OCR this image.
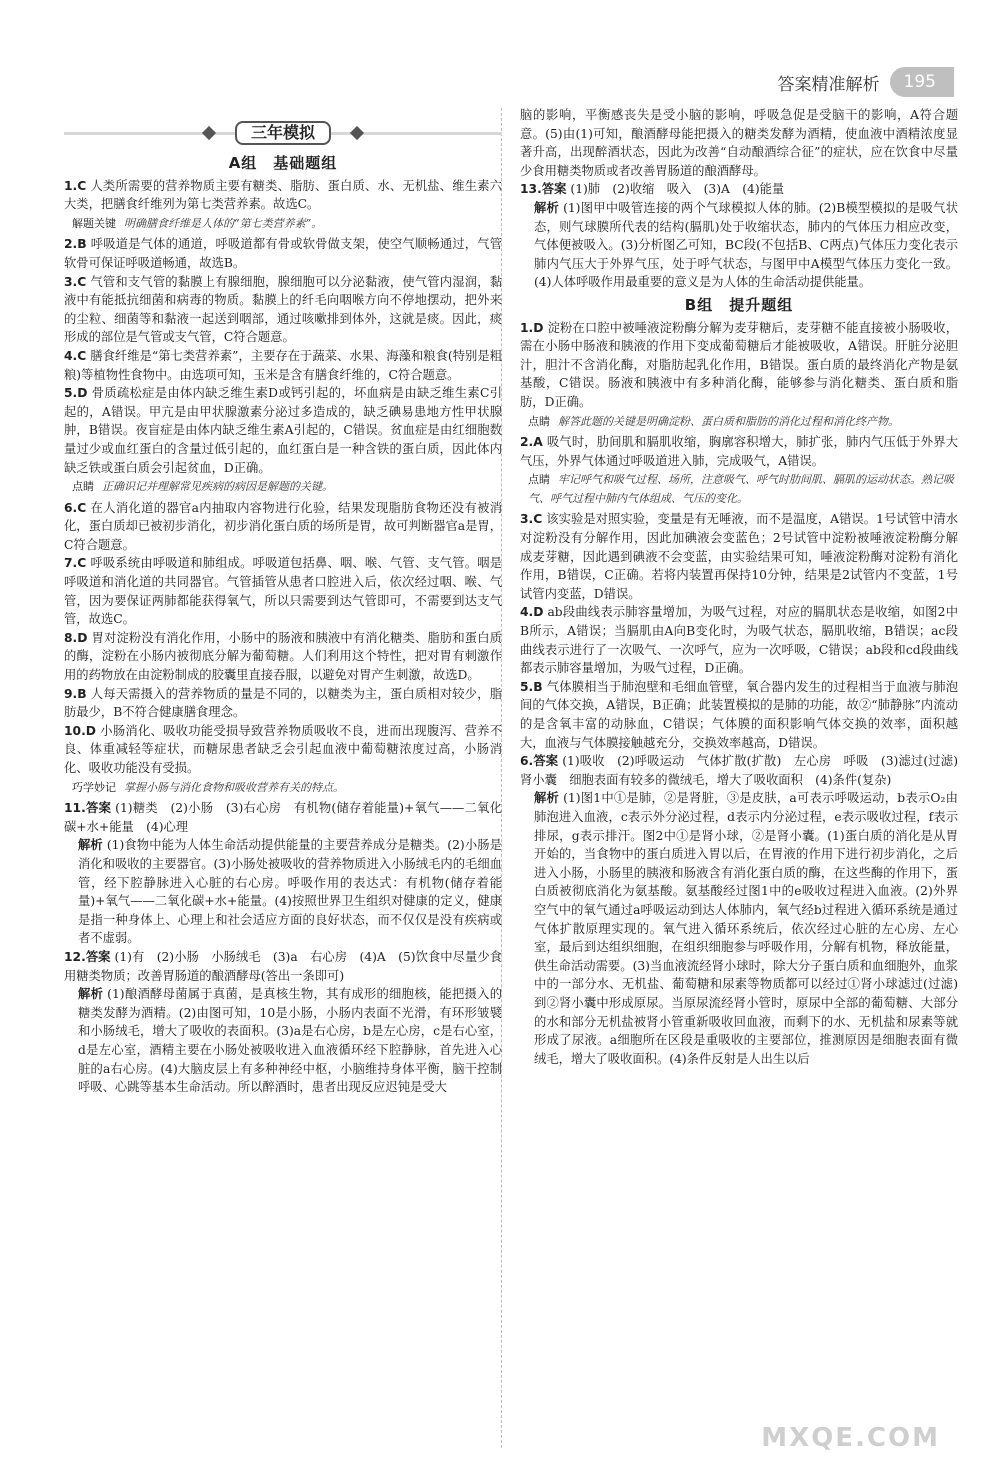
答案精准解析	195
三年模拟
A组　基础题组
1.C 人类所需要的营养物质主要有糖类、脂肪、蛋白质、水、无机盐、维生素六大类，把膳食纤维列为第七类营养素。故选C。
解题关键 明确膳食纤维是人体的“第七类营养素”。
2.B 呼吸道是气体的通道，呼吸道都有骨或软骨做支架，使空气顺畅通过，气管软骨可保证呼吸道畅通，故选B。
3.C 气管和支气管的黏膜上有腺细胞，腺细胞可以分泌黏液，使气管内湿润，黏液中有能抵抗细菌和病毒的物质。黏膜上的纤毛向咽喉方向不停地摆动，把外来的尘粒、细菌等和黏液一起送到咽部，通过咳嗽排到体外，这就是痰。因此，痰形成的部位是气管或支气管，C符合题意。
4.C 膳食纤维是“第七类营养素”，主要存在于蔬菜、水果、海藻和粮食(特别是粗粮)等植物性食物中。由选项可知，玉米是含有膳食纤维的，C符合题意。
5.D 骨质疏松症是由体内缺乏维生素D或钙引起的，坏血病是由缺乏维生素C引起的，A错误。甲亢是由甲状腺激素分泌过多造成的，缺乏碘易患地方性甲状腺肿，B错误。夜盲症是由体内缺乏维生素A引起的，C错误。贫血症是由红细胞数量过少或血红蛋白的含量过低引起的，血红蛋白是一种含铁的蛋白质，因此体内缺乏铁或蛋白质会引起贫血，D正确。
点睛 正确识记并理解常见疾病的病因是解题的关键。
6.C 在人消化道的器官a内抽取内容物进行化验，结果发现脂肪食物还没有被消化，蛋白质却已被初步消化，初步消化蛋白质的场所是胃，故可判断器官a是胃，C符合题意。
7.C 呼吸系统由呼吸道和肺组成。呼吸道包括鼻、咽、喉、气管、支气管。咽是呼吸道和消化道的共同器官。气管插管从患者口腔进入后，依次经过咽、喉、气管，因为要保证两肺都能获得氧气，所以只需要到达气管即可，不需要到达支气管，故选C。
8.D 胃对淀粉没有消化作用，小肠中的肠液和胰液中有消化糖类、脂肪和蛋白质的酶，淀粉在小肠内被彻底分解为葡萄糖。人们利用这个特性，把对胃有刺激作用的药物放在由淀粉制成的胶囊里直接吞服，以避免对胃产生刺激，故选D。
9.B 人每天需摄入的营养物质的量是不同的，以糖类为主，蛋白质相对较少，脂肪最少，B不符合健康膳食理念。
10.D 小肠消化、吸收功能受损导致营养物质吸收不良，进而出现腹泻、营养不良、体重减轻等症状，而糖尿患者缺乏会引起血液中葡萄糖浓度过高，小肠消化、吸收功能没有受损。
巧学妙记 掌握小肠与消化食物和吸收营养有关的特点。
11.答案 (1)糖类　(2)小肠　(3)右心房　有机物(储存着能量)+氧气——二氧化碳+水+能量　(4)心理
解析 (1)食物中能为人体生命活动提供能量的主要营养成分是糖类。(2)小肠是消化和吸收的主要器官。(3)小肠处被吸收的营养物质进入小肠绒毛内的毛细血管，经下腔静脉进入心脏的右心房。呼吸作用的表达式：有机物(储存着能量)+氧气——二氧化碳+水+能量。(4)按照世界卫生组织对健康的定义，健康是指一种身体上、心理上和社会适应方面的良好状态，而不仅仅是没有疾病或者不虚弱。
12.答案 (1)有　(2)小肠　小肠绒毛　(3)a　右心房　(4)A　(5)饮食中尽量少食用糖类物质；改善胃肠道的酿酒酵母(答出一条即可)
解析 (1)酿酒酵母菌属于真菌，是真核生物，其有成形的细胞核，能把摄入的糖类发酵为酒精。(2)由图可知，10是小肠，小肠内表面不光滑，有环形皱襞和小肠绒毛，增大了吸收的表面积。(3)a是右心房，b是左心房，c是右心室，d是左心室，酒精主要在小肠处被吸收进入血液循环经下腔静脉，首先进入心脏的a右心房。(4)大脑皮层上有多种神经中枢，小脑维持身体平衡，脑干控制呼吸、心跳等基本生命活动。所以醉酒时，患者出现反应迟钝是受大
脑的影响，平衡感丧失是受小脑的影响，呼吸急促是受脑干的影响，A符合题意。(5)由(1)可知，酿酒酵母能把摄入的糖类发酵为酒精，使血液中酒精浓度显著升高，出现醉酒状态，因此为改善“自动酿酒综合征”的症状，应在饮食中尽量少食用糖类物质或者改善胃肠道的酿酒酵母。
13.答案 (1)肺　(2)收缩　吸入　(3)A　(4)能量
解析 (1)图甲中吸管连接的两个气球模拟人体的肺。(2)B模型模拟的是吸气状态，则气球膜所代表的结构(膈肌)处于收缩状态，肺内的气体压力相应改变，气体便被吸入。(3)分析图乙可知，BC段(不包括B、C两点)气体压力变化表示肺内气压大于外界气压，处于呼气状态，与图甲中A模型气体压力变化一致。(4)人体呼吸作用最重要的意义是为人体的生命活动提供能量。
B组　提升题组
1.D 淀粉在口腔中被唾液淀粉酶分解为麦芽糖后，麦芽糖不能直接被小肠吸收，需在小肠中肠液和胰液的作用下变成葡萄糖后才能被吸收，A错误。肝脏分泌胆汁，胆汁不含消化酶，对脂肪起乳化作用，B错误。蛋白质的最终消化产物是氨基酸，C错误。肠液和胰液中有多种消化酶，能够参与消化糖类、蛋白质和脂肪，D正确。
点睛 解答此题的关键是明确淀粉、蛋白质和脂肪的消化过程和消化终产物。
2.A 吸气时，肋间肌和膈肌收缩，胸廓容积增大，肺扩张，肺内气压低于外界大气压，外界气体通过呼吸道进入肺，完成吸气，A错误。
点睛 牢记呼气和吸气过程、场所，注意吸气、呼气时肋间肌、膈肌的运动状态。熟记吸气、呼气过程中肺内气体组成、气压的变化。
3.C 该实验是对照实验，变量是有无唾液，而不是温度，A错误。1号试管中清水对淀粉没有分解作用，因此加碘液会变蓝色；2号试管中淀粉被唾液淀粉酶分解成麦芽糖，因此遇到碘液不会变蓝，由实验结果可知，唾液淀粉酶对淀粉有消化作用，B错误，C正确。若将内装置再保持10分钟，结果是2试管内不变蓝，1号试管内变蓝，D错误。
4.D ab段曲线表示肺容量增加，为吸气过程，对应的膈肌状态是收缩，如图2中B所示，A错误；当膈肌由A向B变化时，为吸气状态，膈肌收缩，B错误；ac段曲线表示进行了一次吸气、一次呼气，应为一次呼吸，C错误；ab段和cd段曲线都表示肺容量增加，为吸气过程，D正确。
5.B 气体膜相当于肺泡壁和毛细血管壁，氧合器内发生的过程相当于血液与肺泡间的气体交换，A错误，B正确；此装置模拟的是肺的功能，故②“肺静脉”内流动的是含氧丰富的动脉血，C错误；气体膜的面积影响气体交换的效率，面积越大，血液与气体膜接触越充分，交换效率越高，D错误。
6.答案 (1)吸收　(2)呼吸运动　气体扩散(扩散)　左心房　呼吸　(3)滤过(过滤)　肾小囊　细胞表面有较多的微绒毛，增大了吸收面积　(4)条件(复杂)
解析 (1)图1中①是肺，②是肾脏，③是皮肤，a可表示呼吸运动，b表示O₂由肺泡进入血液，c表示外分泌过程，d表示内分泌过程，e表示吸收过程，f表示排尿，g表示排汗。图2中①是肾小球，②是肾小囊。(1)蛋白质的消化是从胃开始的，当食物中的蛋白质进入胃以后，在胃液的作用下进行初步消化，之后进入小肠，小肠里的胰液和肠液含有消化蛋白质的酶，在这些酶的作用下，蛋白质被彻底消化为氨基酸。氨基酸经过图1中的e吸收过程进入血液。(2)外界空气中的氧气通过a呼吸运动到达人体肺内，氧气经b过程进入循环系统是通过气体扩散原理实现的。氧气进入循环系统后，依次经过心脏的左心房、左心室，最后到达组织细胞，在组织细胞参与呼吸作用，分解有机物，释放能量，供生命活动需要。(3)当血液流经肾小球时，除大分子蛋白质和血细胞外，血浆中的一部分水、无机盐、葡萄糖和尿素等物质都可以经过①肾小球滤过(过滤)到②肾小囊中形成原尿。当原尿流经肾小管时，原尿中全部的葡萄糖、大部分的水和部分无机盐被肾小管重新吸收回血液，而剩下的水、无机盐和尿素等就形成了尿液。a细胞所在区段是重吸收的主要部位，推测原因是细胞表面有微绒毛，增大了吸收面积。(4)条件反射是人出生以后
MXQE.COM
